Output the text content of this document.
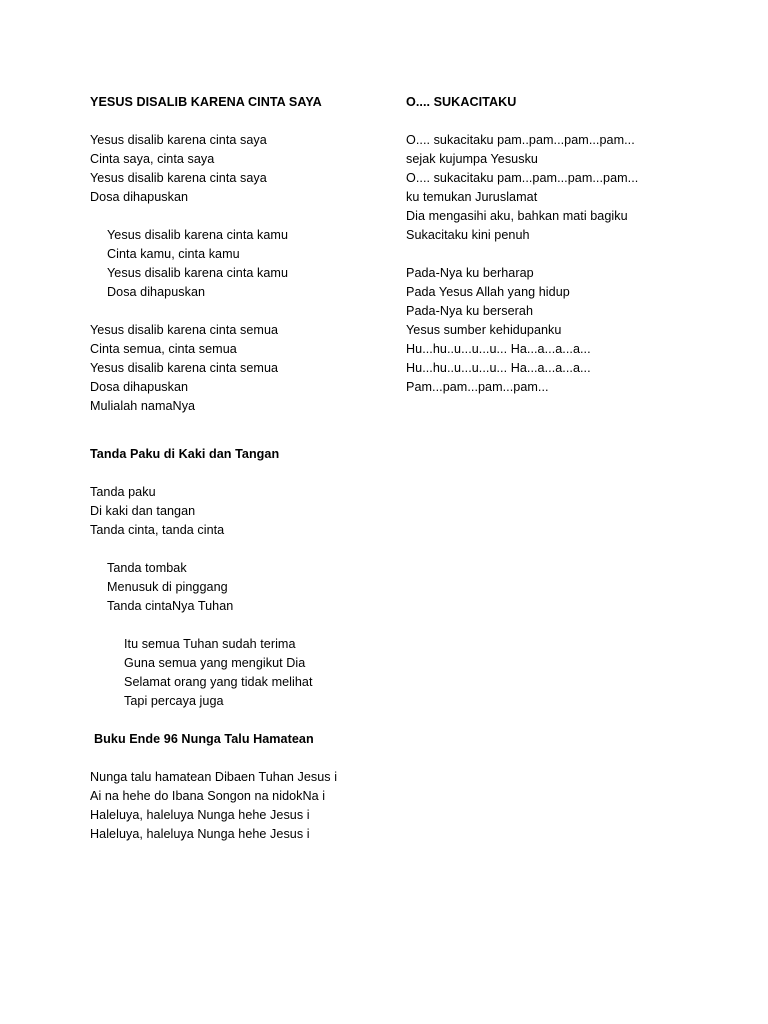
YESUS DISALIB KARENA CINTA SAYA
Yesus disalib karena cinta saya
Cinta saya, cinta saya
Yesus disalib karena cinta saya
Dosa dihapuskan
Yesus disalib karena cinta kamu
Cinta kamu, cinta kamu
Yesus disalib karena cinta kamu
Dosa dihapuskan
Yesus disalib karena cinta semua
Cinta semua, cinta semua
Yesus disalib karena cinta semua
Dosa dihapuskan
Mulialah namaNya
Tanda Paku di Kaki dan Tangan
Tanda paku
Di kaki dan tangan
Tanda cinta, tanda cinta
Tanda tombak
Menusuk di pinggang
Tanda cintaNya Tuhan
Itu semua Tuhan sudah terima
Guna semua yang mengikut Dia
Selamat orang yang tidak melihat
Tapi percaya juga
Buku Ende 96 Nunga Talu Hamatean
Nunga talu hamatean Dibaen Tuhan Jesus i
Ai na hehe do Ibana Songon na nidokNa i
Haleluya, haleluya Nunga hehe Jesus i
Haleluya, haleluya Nunga hehe Jesus i
O.... SUKACITAKU
O.... sukacitaku pam..pam...pam...pam...
sejak kujumpa Yesusku
O.... sukacitaku pam...pam...pam...pam...
ku temukan Juruslamat
Dia mengasihi aku, bahkan mati bagiku
Sukacitaku kini penuh
Pada-Nya ku berharap
Pada Yesus Allah yang hidup
Pada-Nya ku berserah
Yesus sumber kehidupanku
Hu...hu..u...u...u... Ha...a...a...a...
Hu...hu..u...u...u... Ha...a...a...a...
Pam...pam...pam...pam...
